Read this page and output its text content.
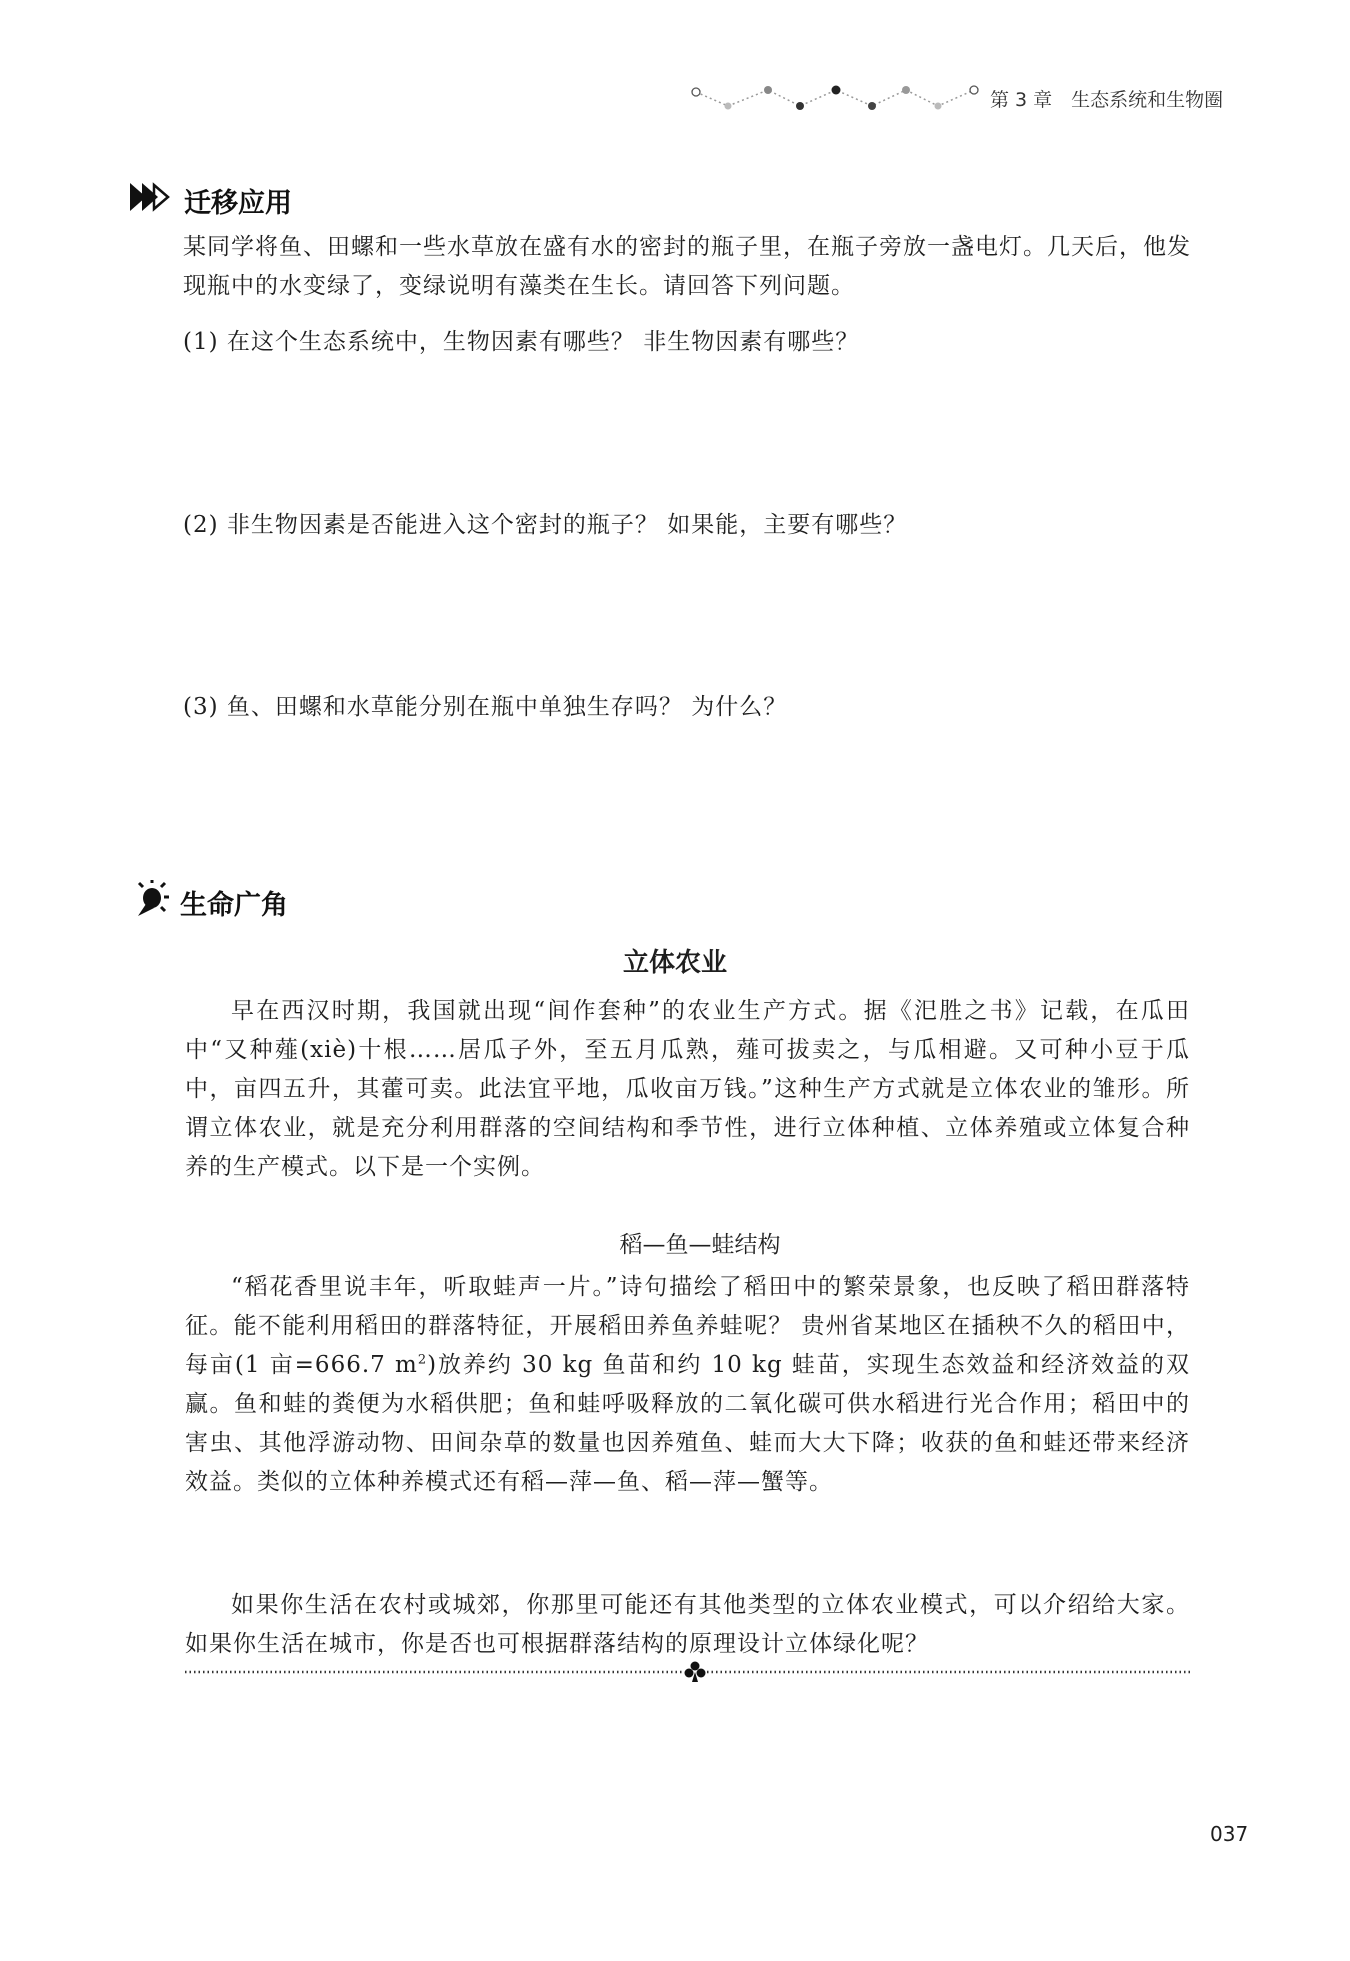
第 3 章　生态系统和生物圈
迁移应用

某同学将鱼、田螺和一些水草放在盛有水的密封的瓶子里，在瓶子旁放一盏电灯。几天后，他发现瓶中的水变绿了，变绿说明有藻类在生长。请回答下列问题。

(1) 在这个生态系统中，生物因素有哪些？ 非生物因素有哪些？

(2) 非生物因素是否能进入这个密封的瓶子？ 如果能，主要有哪些？

(3) 鱼、田螺和水草能分别在瓶中单独生存吗？ 为什么？

生命广角
立体农业

早在西汉时期，我国就出现“间作套种”的农业生产方式。据《汜胜之书》记载，在瓜田中“又种薤(xiè)十根……居瓜子外，至五月瓜熟，薤可拔卖之，与瓜相避。又可种小豆于瓜中，亩四五升，其藿可卖。此法宜平地，瓜收亩万钱。”这种生产方式就是立体农业的雏形。所谓立体农业，就是充分利用群落的空间结构和季节性，进行立体种植、立体养殖或立体复合种养的生产模式。以下是一个实例。

稻—鱼—蛙结构

“稻花香里说丰年，听取蛙声一片。”诗句描绘了稻田中的繁荣景象，也反映了稻田群落特征。能不能利用稻田的群落特征，开展稻田养鱼养蛙呢？ 贵州省某地区在插秧不久的稻田中，每亩(1 亩=666.7 $m^2$)放养约 30 kg 鱼苗和约 10 kg 蛙苗，实现生态效益和经济效益的双赢。鱼和蛙的粪便为水稻供肥；鱼和蛙呼吸释放的二氧化碳可供水稻进行光合作用；稻田中的害虫、其他浮游动物、田间杂草的数量也因养殖鱼、蛙而大大下降；收获的鱼和蛙还带来经济效益。类似的立体种养模式还有稻—萍—鱼、稻—萍—蟹等。

如果你生活在农村或城郊，你那里可能还有其他类型的立体农业模式，可以介绍给大家。如果你生活在城市，你是否也可根据群落结构的原理设计立体绿化呢？

037
